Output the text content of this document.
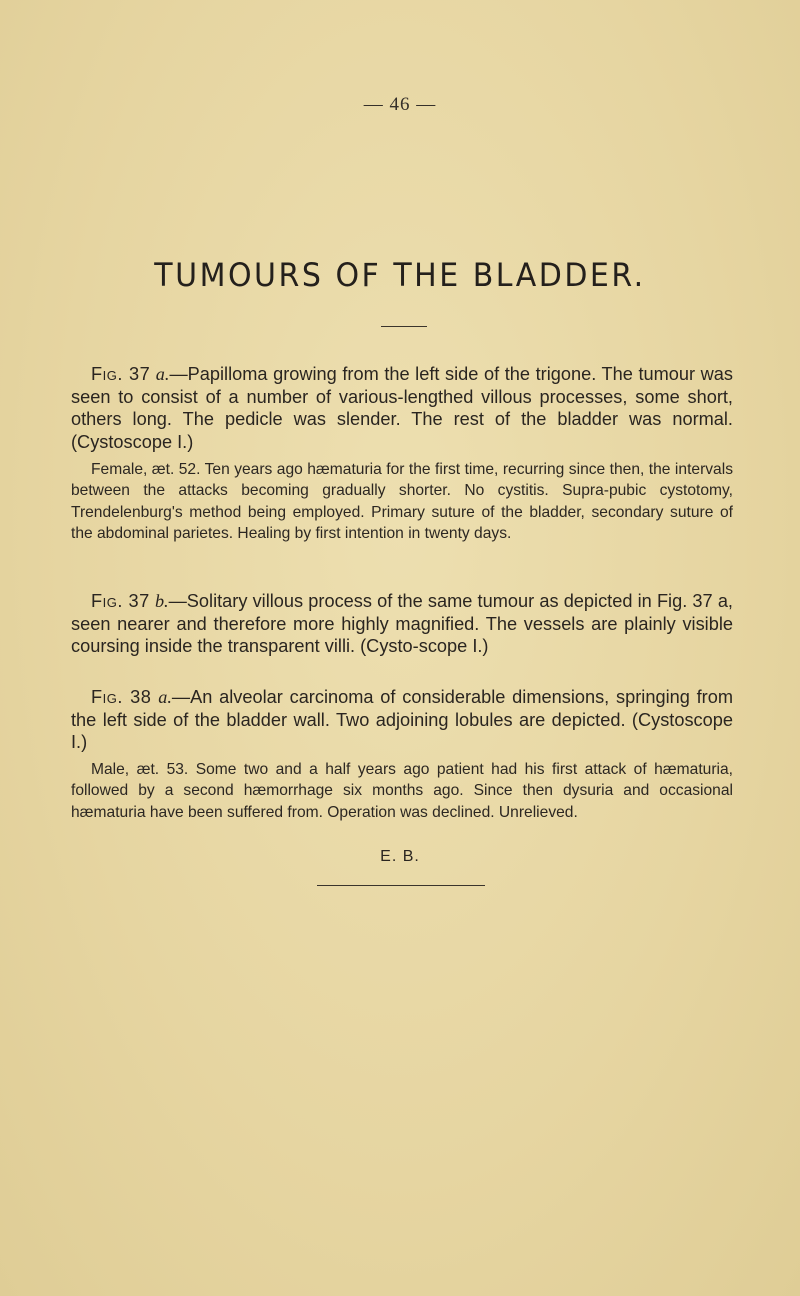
— 46 —
TUMOURS OF THE BLADDER.

Fig. 37 a.—Papilloma growing from the left side of the trigone. The tumour was seen to consist of a number of various-lengthed villous processes, some short, others long. The pedicle was slender. The rest of the bladder was normal. (Cystoscope I.)

Female, æt. 52. Ten years ago hæmaturia for the first time, recurring since then, the intervals between the attacks becoming gradually shorter. No cystitis. Supra-pubic cystotomy, Trendelenburg's method being employed. Primary suture of the bladder, secondary suture of the abdominal parietes. Healing by first intention in twenty days.

Fig. 37 b.—Solitary villous process of the same tumour as depicted in Fig. 37 a, seen nearer and therefore more highly magnified. The vessels are plainly visible coursing inside the transparent villi. (Cysto-scope I.)

Fig. 38 a.—An alveolar carcinoma of considerable dimensions, springing from the left side of the bladder wall. Two adjoining lobules are depicted. (Cystoscope I.)

Male, æt. 53. Some two and a half years ago patient had his first attack of hæmaturia, followed by a second hæmorrhage six months ago. Since then dysuria and occasional hæmaturia have been suffered from. Operation was declined. Unrelieved.

E. B.
